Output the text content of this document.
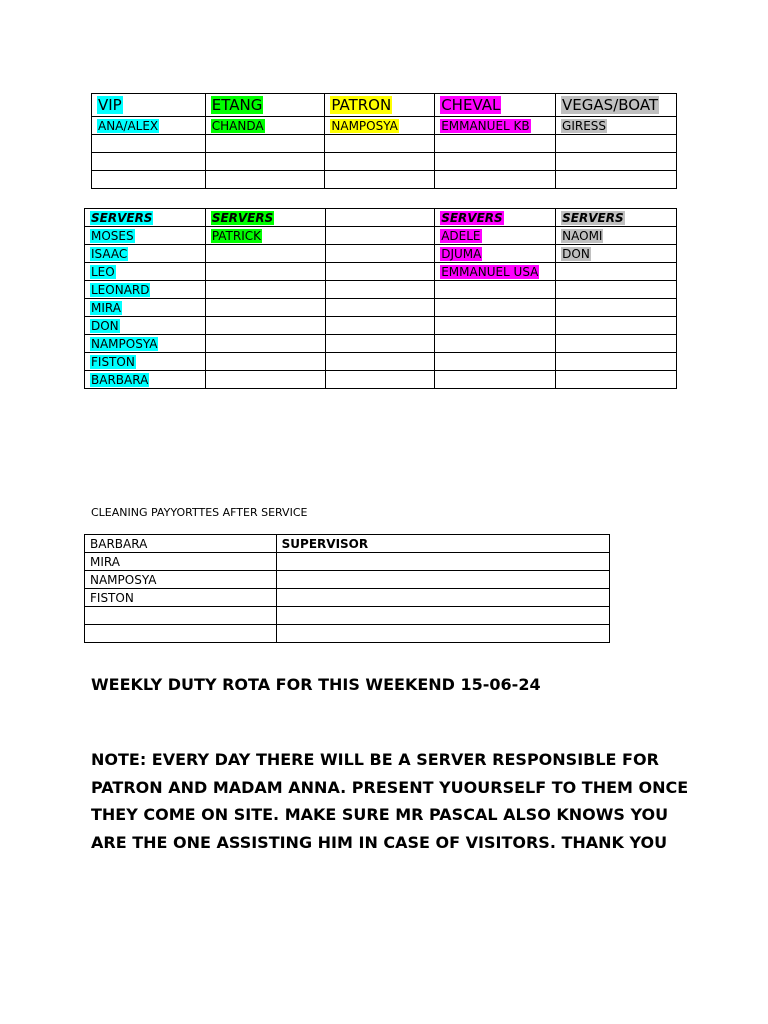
VIP	ETANG	PATRON	CHEVAL	VEGAS/BOAT
ANA/ALEX	CHANDA	NAMPOSYA	EMMANUEL KB	GIRESS

SERVERS	SERVERS		SERVERS	SERVERS
MOSES	PATRICK		ADELE	NAOMI
ISAAC			DJUMA	DON
LEO			EMMANUEL USA	
LEONARD				
MIRA				
DON				
NAMPOSYA				
FISTON				
BARBARA				
CLEANING PAYYORTTES AFTER SERVICE
BARBARA	SUPERVISOR
MIRA	
NAMPOSYA	
FISTON	

WEEKLY DUTY ROTA FOR THIS WEEKEND 15-06-24

NOTE: EVERY DAY THERE WILL BE A SERVER RESPONSIBLE FOR PATRON AND MADAM ANNA. PRESENT YUOURSELF TO THEM ONCE THEY COME ON SITE. MAKE SURE MR PASCAL ALSO KNOWS YOU ARE THE ONE ASSISTING HIM IN CASE OF VISITORS. THANK YOU
